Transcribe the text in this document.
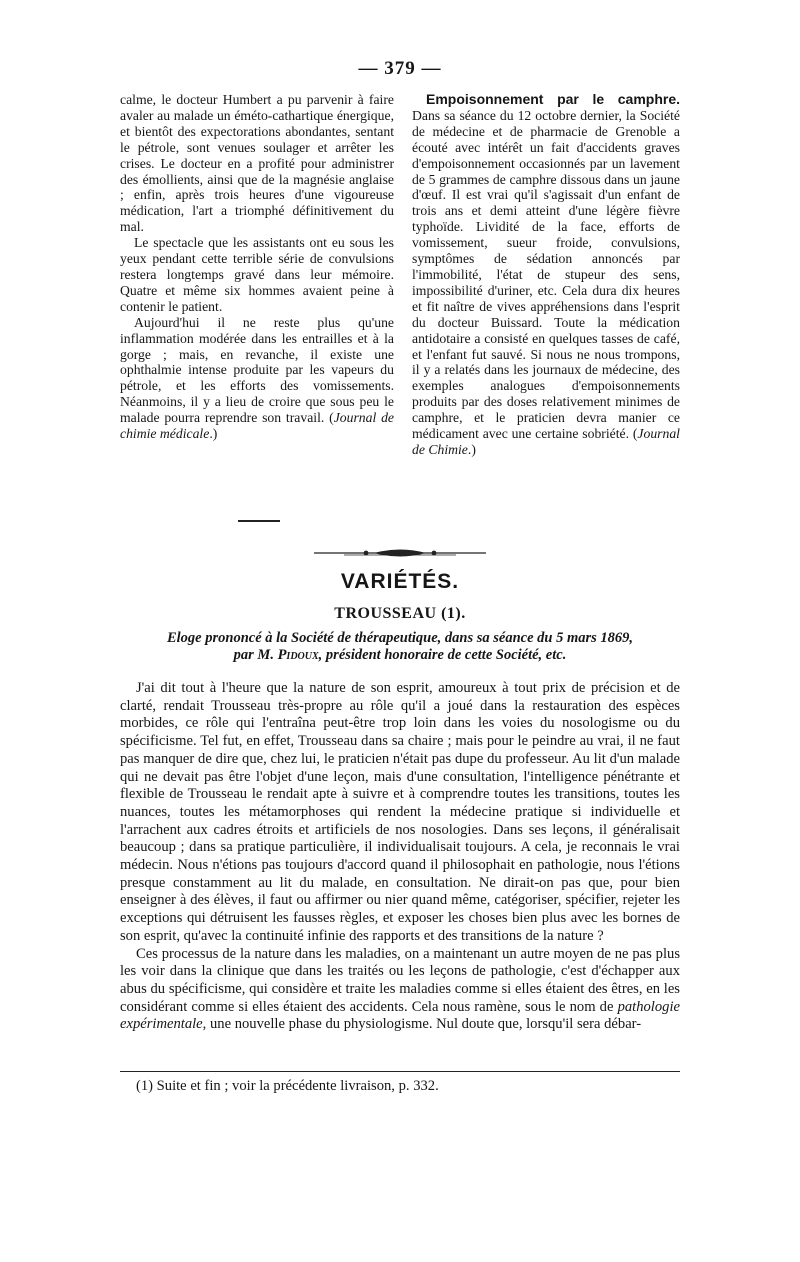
— 379 —

calme, le docteur Humbert a pu parvenir à faire avaler au malade un éméto-cathartique énergique, et bientôt des expectorations abondantes, sentant le pétrole, sont venues soulager et arrêter les crises. Le docteur en a profité pour administrer des émollients, ainsi que de la magnésie anglaise ; enfin, après trois heures d'une vigoureuse médication, l'art a triomphé définitivement du mal.

Le spectacle que les assistants ont eu sous les yeux pendant cette terrible série de convulsions restera longtemps gravé dans leur mémoire. Quatre et même six hommes avaient peine à contenir le patient.

Aujourd'hui il ne reste plus qu'une inflammation modérée dans les entrailles et à la gorge ; mais, en revanche, il existe une ophthalmie intense produite par les vapeurs du pétrole, et les efforts des vomissements. Néanmoins, il y a lieu de croire que sous peu le malade pourra reprendre son travail. (Journal de chimie médicale.)

Empoisonnement par le camphre. Dans sa séance du 12 octobre dernier, la Société de médecine et de pharmacie de Grenoble a écouté avec intérêt un fait d'accidents graves d'empoisonnement occasionnés par un lavement de 5 grammes de camphre dissous dans un jaune d'œuf. Il est vrai qu'il s'agissait d'un enfant de trois ans et demi atteint d'une légère fièvre typhoïde. Lividité de la face, efforts de vomissement, sueur froide, convulsions, symptômes de sédation annoncés par l'immobilité, l'état de stupeur des sens, impossibilité d'uriner, etc. Cela dura dix heures et fit naître de vives appréhensions dans l'esprit du docteur Buissard. Toute la médication antidotaire a consisté en quelques tasses de café, et l'enfant fut sauvé. Si nous ne nous trompons, il y a relatés dans les journaux de médecine, des exemples analogues d'empoisonnements produits par des doses relativement minimes de camphre, et le praticien devra manier ce médicament avec une certaine sobriété. (Journal de Chimie.)

VARIÉTÉS.
TROUSSEAU (1).
Eloge prononcé à la Société de thérapeutique, dans sa séance du 5 mars 1869,
par M. Pidoux, président honoraire de cette Société, etc.

J'ai dit tout à l'heure que la nature de son esprit, amoureux à tout prix de précision et de clarté, rendait Trousseau très-propre au rôle qu'il a joué dans la restauration des espèces morbides, ce rôle qui l'entraîna peut-être trop loin dans les voies du nosologisme ou du spécificisme. Tel fut, en effet, Trousseau dans sa chaire ; mais pour le peindre au vrai, il ne faut pas manquer de dire que, chez lui, le praticien n'était pas dupe du professeur. Au lit d'un malade qui ne devait pas être l'objet d'une leçon, mais d'une consultation, l'intelligence pénétrante et flexible de Trousseau le rendait apte à suivre et à comprendre toutes les transitions, toutes les nuances, toutes les métamorphoses qui rendent la médecine pratique si individuelle et l'arrachent aux cadres étroits et artificiels de nos nosologies. Dans ses leçons, il généralisait beaucoup ; dans sa pratique particulière, il individualisait toujours. A cela, je reconnais le vrai médecin. Nous n'étions pas toujours d'accord quand il philosophait en pathologie, nous l'étions presque constamment au lit du malade, en consultation. Ne dirait-on pas que, pour bien enseigner à des élèves, il faut ou affirmer ou nier quand même, catégoriser, spécifier, rejeter les exceptions qui détruisent les fausses règles, et exposer les choses bien plus avec les bornes de son esprit, qu'avec la continuité infinie des rapports et des transitions de la nature ?

Ces processus de la nature dans les maladies, on a maintenant un autre moyen de ne pas plus les voir dans la clinique que dans les traités ou les leçons de pathologie, c'est d'échapper aux abus du spécificisme, qui considère et traite les maladies comme si elles étaient des êtres, en les considérant comme si elles étaient des accidents. Cela nous ramène, sous le nom de pathologie expérimentale, une nouvelle phase du physiologisme. Nul doute que, lorsqu'il sera débar-

(1) Suite et fin ; voir la précédente livraison, p. 332.
